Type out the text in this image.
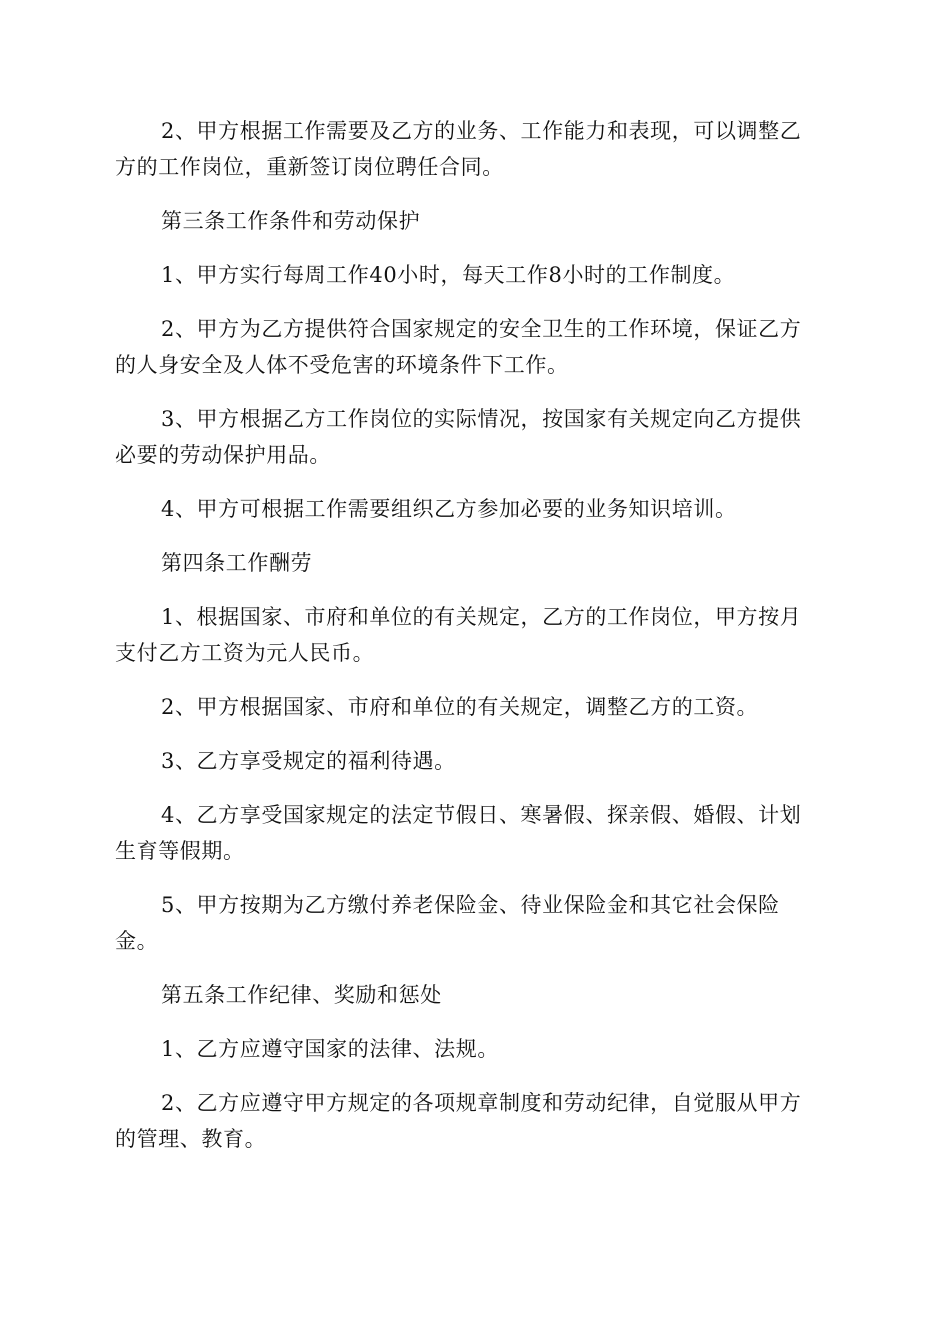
2、甲方根据工作需要及乙方的业务、工作能力和表现，可以调整乙方的工作岗位，重新签订岗位聘任合同。

第三条工作条件和劳动保护

1、甲方实行每周工作40小时，每天工作8小时的工作制度。

2、甲方为乙方提供符合国家规定的安全卫生的工作环境，保证乙方的人身安全及人体不受危害的环境条件下工作。

3、甲方根据乙方工作岗位的实际情况，按国家有关规定向乙方提供必要的劳动保护用品。

4、甲方可根据工作需要组织乙方参加必要的业务知识培训。

第四条工作酬劳

1、根据国家、市府和单位的有关规定，乙方的工作岗位，甲方按月支付乙方工资为元人民币。

2、甲方根据国家、市府和单位的有关规定，调整乙方的工资。

3、乙方享受规定的福利待遇。

4、乙方享受国家规定的法定节假日、寒暑假、探亲假、婚假、计划生育等假期。

5、甲方按期为乙方缴付养老保险金、待业保险金和其它社会保险金。

第五条工作纪律、奖励和惩处

1、乙方应遵守国家的法律、法规。

2、乙方应遵守甲方规定的各项规章制度和劳动纪律，自觉服从甲方的管理、教育。
